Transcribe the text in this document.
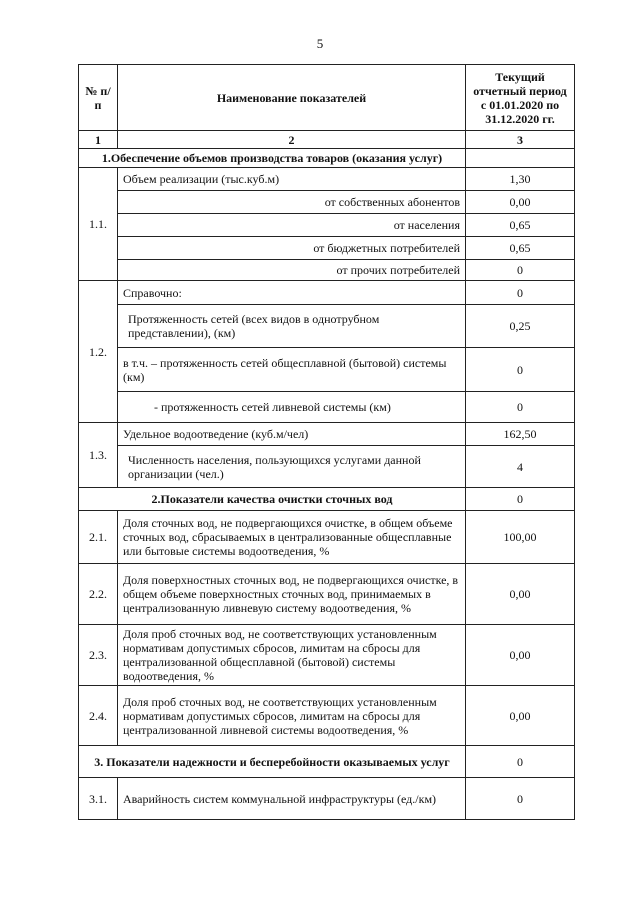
5
№ п/п	Наименование показателей	Текущий отчетный период с 01.01.2020 по 31.12.2020 гг.
1	2	3
1.Обеспечение объемов производства товаров (оказания услуг)		
1.1.	Объем реализации (тыс.куб.м)	1,30
	от собственных абонентов	0,00
	от населения	0,65
	от бюджетных потребителей	0,65
	от прочих потребителей	0
1.2.	Справочно:	0
	Протяженность сетей (всех видов в однотрубном представлении), (км)	0,25
	в т.ч. – протяженность сетей общесплавной (бытовой) системы (км)	0
	- протяженность сетей ливневой системы (км)	0
1.3.	Удельное водоотведение (куб.м/чел)	162,50
	Численность населения, пользующихся услугами данной организации (чел.)	4
2.Показатели качества очистки сточных вод		0
2.1.	Доля сточных вод, не подвергающихся очистке, в общем объеме сточных вод, сбрасываемых в централизованные общесплавные или бытовые системы водоотведения, %	100,00
2.2.	Доля поверхностных сточных вод, не подвергающихся очистке, в общем объеме поверхностных сточных вод, принимаемых в централизованную ливневую систему водоотведения, %	0,00
2.3.	Доля проб сточных вод, не соответствующих установленным нормативам допустимых сбросов, лимитам на сбросы для централизованной общесплавной (бытовой) системы водоотведения, %	0,00
2.4.	Доля проб сточных вод, не соответствующих установленным нормативам допустимых сбросов, лимитам на сбросы для централизованной ливневой системы водоотведения, %	0,00
3. Показатели надежности и бесперебойности оказываемых услуг		0
3.1.	Аварийность систем коммунальной инфраструктуры (ед./км)	0
